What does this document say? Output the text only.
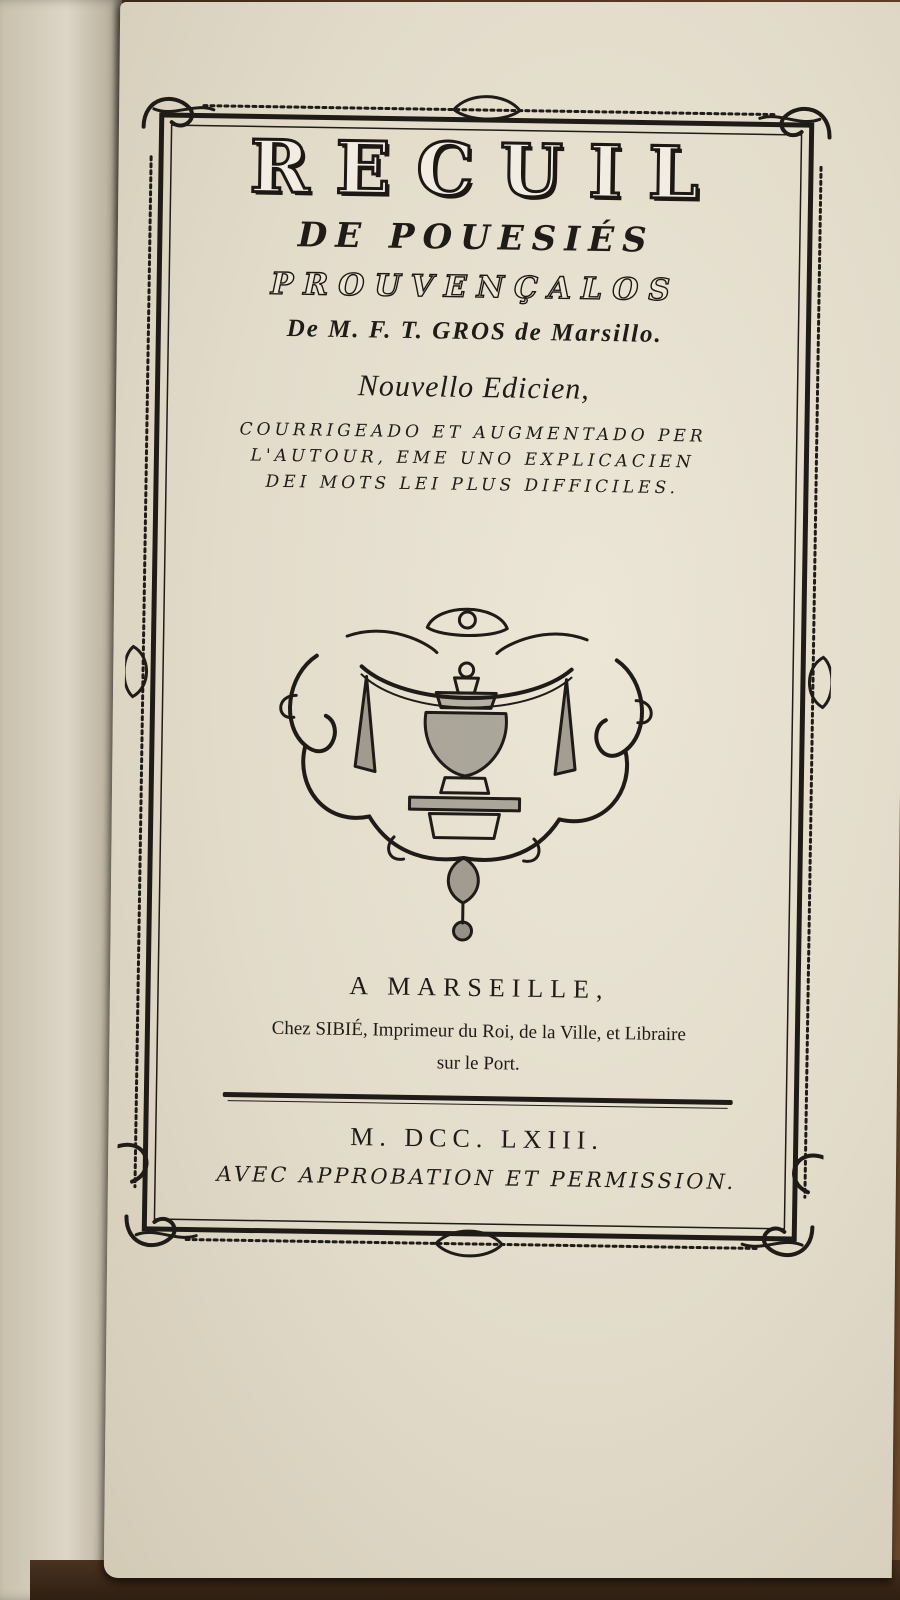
RECUIL
DE POUESIÉS
PROUVENÇALOS
De M. F. T. GROS de Marsillo.
Nouvello Edicien,
COURRIGEADO ET AUGMENTADO PER
L'AUTOUR, EME UNO EXPLICACIEN
DEI MOTS LEI PLUS DIFFICILES.
A MARSEILLE,
Chez SIBIÉ, Imprimeur du Roi, de la Ville, et Libraire
sur le Port.
M. DCC. LXIII.
AVEC APPROBATION ET PERMISSION.
